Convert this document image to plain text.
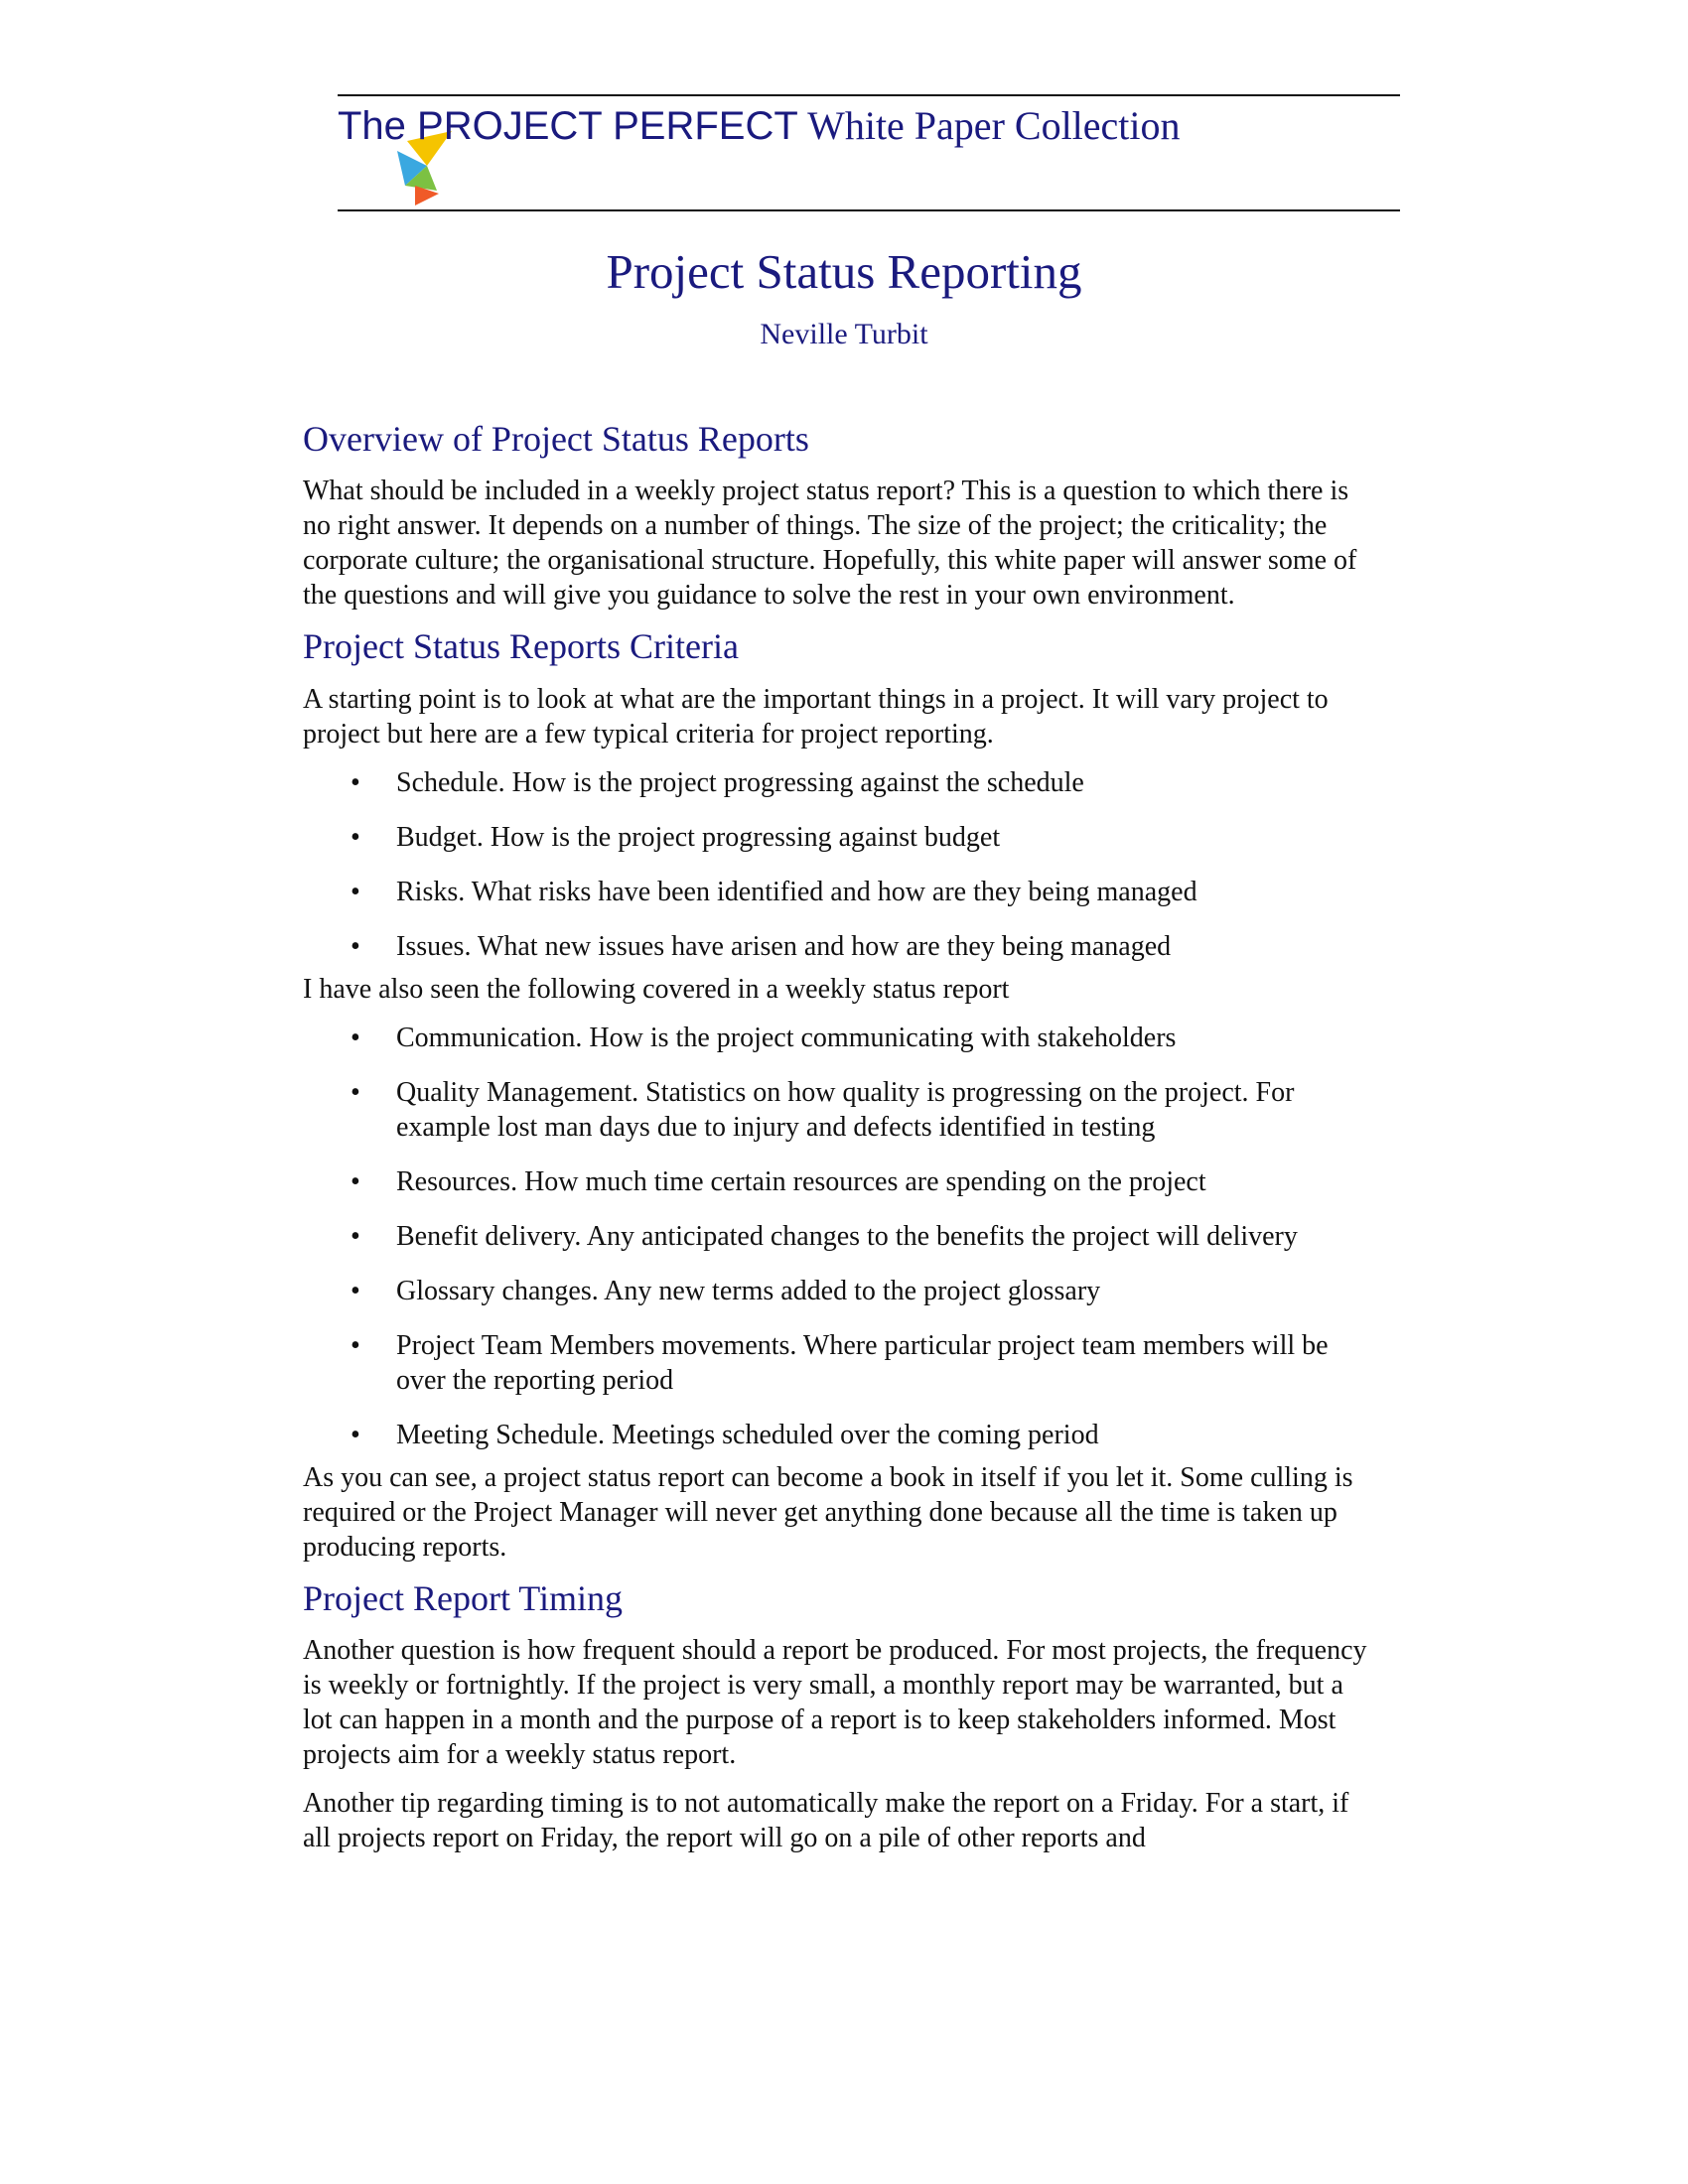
The PROJECT PERFECT White Paper Collection
Project Status Reporting
Neville Turbit
Overview of Project Status Reports

What should be included in a weekly project status report? This is a question to which there is no right answer. It depends on a number of things. The size of the project; the criticality; the corporate culture; the organisational structure. Hopefully, this white paper will answer some of the questions and will give you guidance to solve the rest in your own environment.

Project Status Reports Criteria

A starting point is to look at what are the important things in a project. It will vary project to project but here are a few typical criteria for project reporting.

• Schedule. How is the project progressing against the schedule
• Budget. How is the project progressing against budget
• Risks. What risks have been identified and how are they being managed
• Issues. What new issues have arisen and how are they being managed

I have also seen the following covered in a weekly status report

• Communication. How is the project communicating with stakeholders
• Quality Management. Statistics on how quality is progressing on the project. For example lost man days due to injury and defects identified in testing
• Resources. How much time certain resources are spending on the project
• Benefit delivery. Any anticipated changes to the benefits the project will delivery
• Glossary changes. Any new terms added to the project glossary
• Project Team Members movements. Where particular project team members will be over the reporting period
• Meeting Schedule. Meetings scheduled over the coming period

As you can see, a project status report can become a book in itself if you let it. Some culling is required or the Project Manager will never get anything done because all the time is taken up producing reports.

Project Report Timing

Another question is how frequent should a report be produced. For most projects, the frequency is weekly or fortnightly. If the project is very small, a monthly report may be warranted, but a lot can happen in a month and the purpose of a report is to keep stakeholders informed. Most projects aim for a weekly status report.

Another tip regarding timing is to not automatically make the report on a Friday. For a start, if all projects report on Friday, the report will go on a pile of other reports and
